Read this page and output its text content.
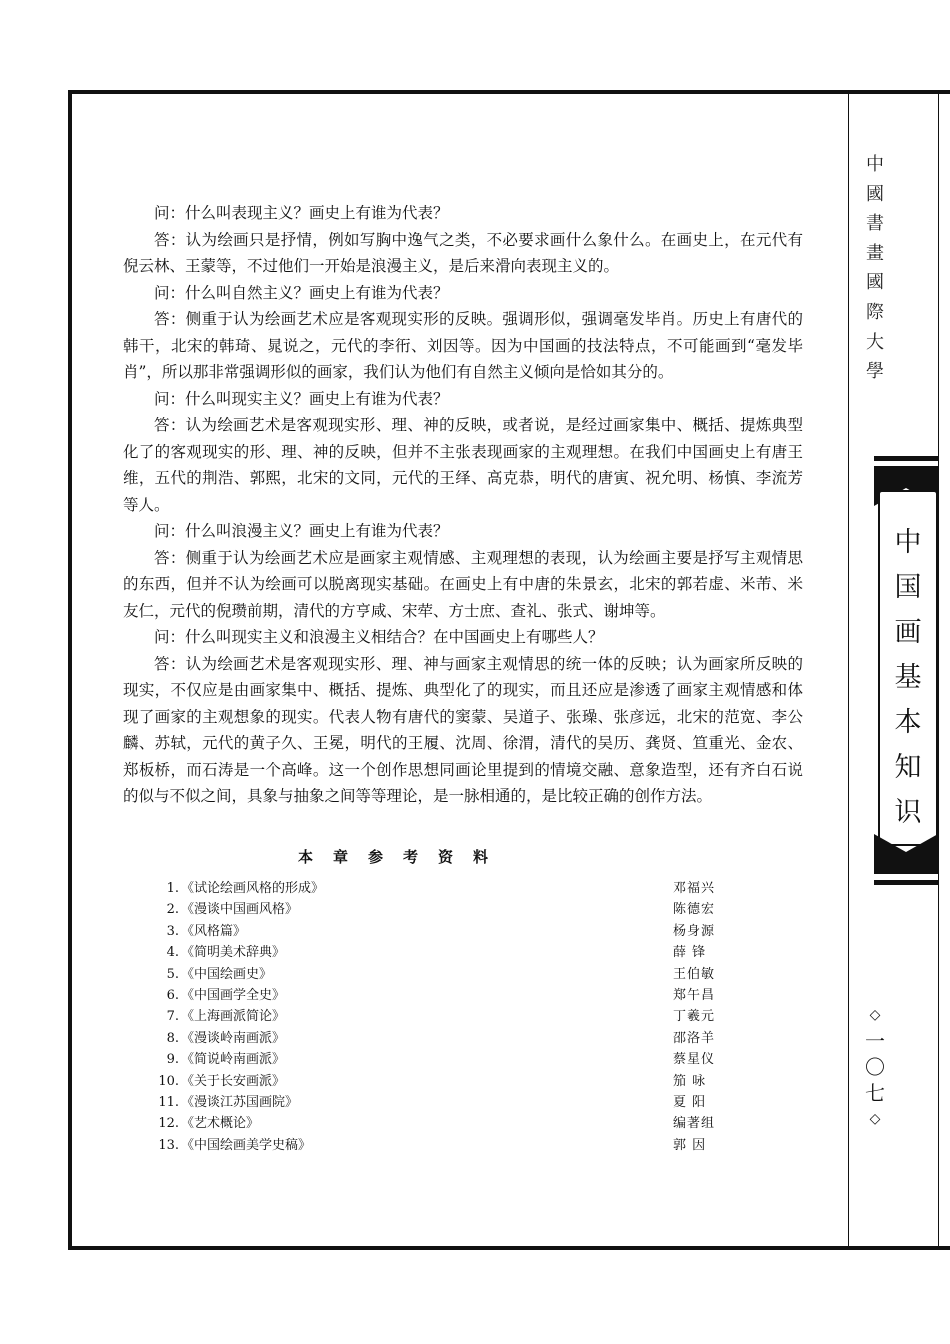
问：什么叫表现主义？画史上有谁为代表？

答：认为绘画只是抒情，例如写胸中逸气之类，不必要求画什么象什么。在画史上，在元代有倪云林、王蒙等，不过他们一开始是浪漫主义，是后来滑向表现主义的。

问：什么叫自然主义？画史上有谁为代表？

答：侧重于认为绘画艺术应是客观现实形的反映。强调形似，强调毫发毕肖。历史上有唐代的韩干，北宋的韩琦、晁说之，元代的李衎、刘因等。因为中国画的技法特点，不可能画到“毫发毕肖”，所以那非常强调形似的画家，我们认为他们有自然主义倾向是恰如其分的。

问：什么叫现实主义？画史上有谁为代表？

答：认为绘画艺术是客观现实形、理、神的反映，或者说，是经过画家集中、概括、提炼典型化了的客观现实的形、理、神的反映，但并不主张表现画家的主观理想。在我们中国画史上有唐王维，五代的荆浩、郭熙，北宋的文同，元代的王绎、高克恭，明代的唐寅、祝允明、杨慎、李流芳等人。

问：什么叫浪漫主义？画史上有谁为代表？

答：侧重于认为绘画艺术应是画家主观情感、主观理想的表现，认为绘画主要是抒写主观情思的东西，但并不认为绘画可以脱离现实基础。在画史上有中唐的朱景玄，北宋的郭若虚、米芾、米友仁，元代的倪瓒前期，清代的方亨咸、宋荦、方士庶、查礼、张式、谢坤等。

问：什么叫现实主义和浪漫主义相结合？在中国画史上有哪些人？

答：认为绘画艺术是客观现实形、理、神与画家主观情思的统一体的反映；认为画家所反映的现实，不仅应是由画家集中、概括、提炼、典型化了的现实，而且还应是渗透了画家主观情感和体现了画家的主观想象的现实。代表人物有唐代的窦蒙、吴道子、张璪、张彦远，北宋的范宽、李公麟、苏轼，元代的黄子久、王冕，明代的王履、沈周、徐渭，清代的吴历、龚贤、笪重光、金农、郑板桥，而石涛是一个高峰。这一个创作思想同画论里提到的情境交融、意象造型，还有齐白石说的似与不似之间，具象与抽象之间等等理论，是一脉相通的，是比较正确的创作方法。

本章参考资料
1. 《试论绘画风格的形成》	邓福兴
2. 《漫谈中国画风格》	陈德宏
3. 《风格篇》	杨身源
4. 《简明美术辞典》	薛 锋
5. 《中国绘画史》	王伯敏
6. 《中国画学全史》	郑午昌
7. 《上海画派简论》	丁羲元
8. 《漫谈岭南画派》	邵洛羊
9. 《简说岭南画派》	蔡星仪
10. 《关于长安画派》	笳 咏
11. 《漫谈江苏国画院》	夏 阳
12. 《艺术概论》	编著组
13. 《中国绘画美学史稿》	郭 因
中
國
書
畫
國
際
大
學
中
国
画
基
本
知
识
◇
一
〇
七
◇
